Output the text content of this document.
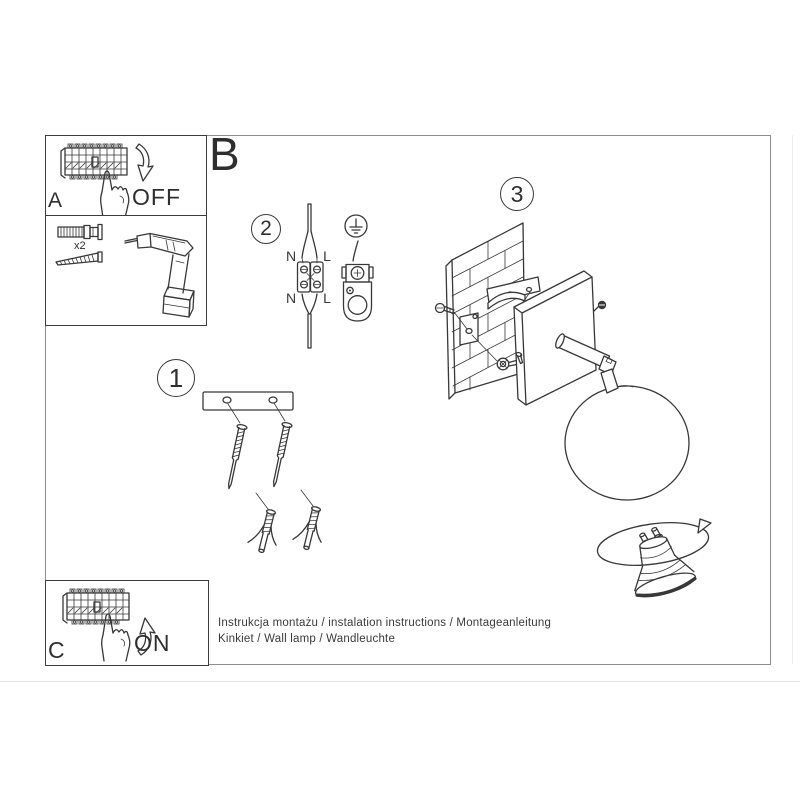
A	OFF
x2
C	ON
B
1
2
3
N L
N L
Instrukcja montażu / instalation instructions / Montageanleitung
Kinkiet / Wall lamp / Wandleuchte
